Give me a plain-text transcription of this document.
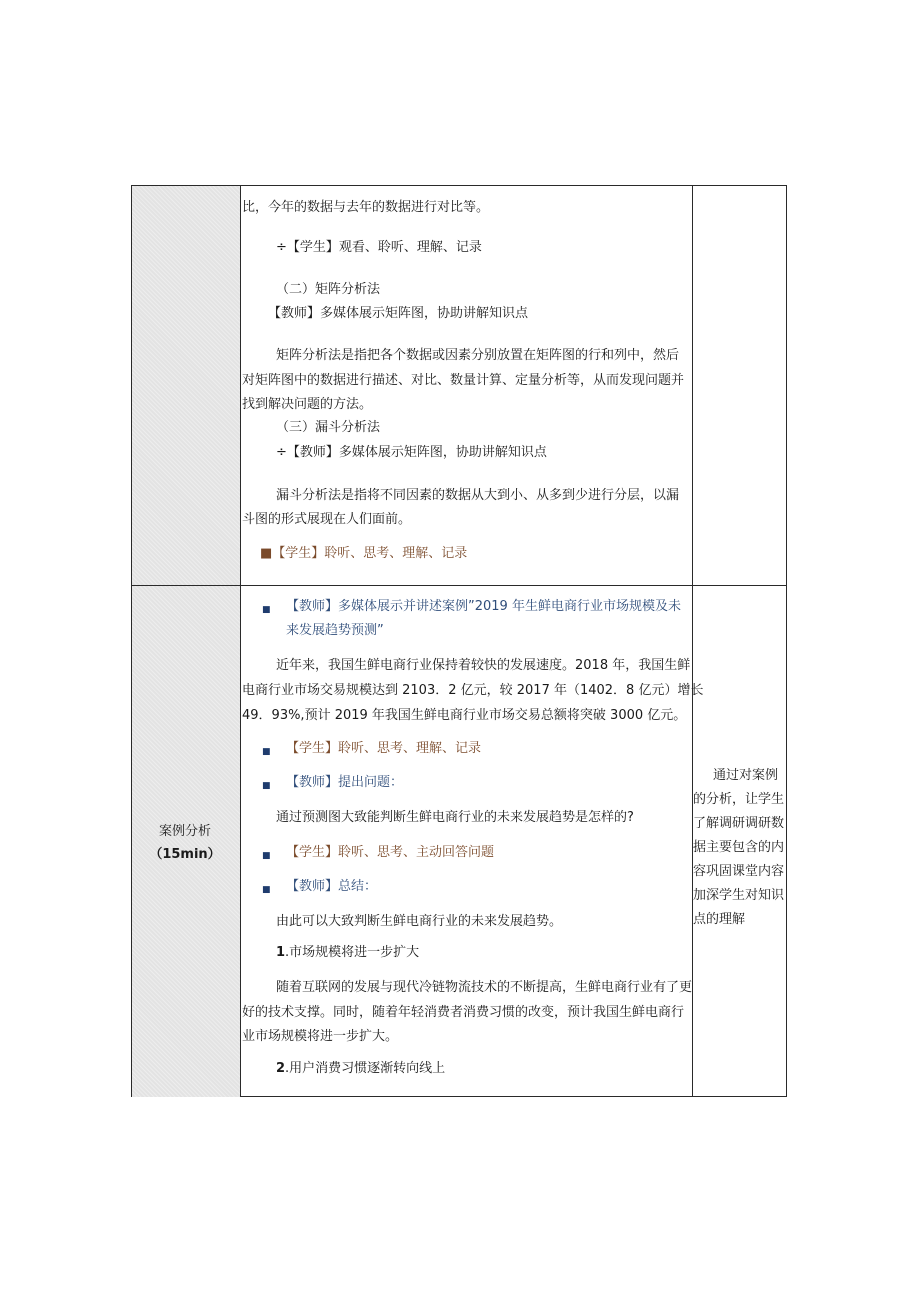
比，今年的数据与去年的数据进行对比等。
÷【学生】观看、聆听、理解、记录
（二）矩阵分析法
【教师】多媒体展示矩阵图，协助讲解知识点
矩阵分析法是指把各个数据或因素分别放置在矩阵图的行和列中，然后
对矩阵图中的数据进行描述、对比、数量计算、定量分析等，从而发现问题并
找到解决问题的方法。
（三）漏斗分析法
÷【教师】多媒体展示矩阵图，协助讲解知识点
漏斗分析法是指将不同因素的数据从大到小、从多到少进行分层，以漏
斗图的形式展现在人们面前。
■【学生】聆听、思考、理解、记录
案例分析
（15min）
■ 【教师】多媒体展示并讲述案例”2019 年生鲜电商行业市场规模及未
来发展趋势预测”
近年来，我国生鲜电商行业保持着较快的发展速度。2018 年，我国生鲜
电商行业市场交易规模达到 2103．2 亿元，较 2017 年（1402．8 亿元）增长
49．93%,预计 2019 年我国生鲜电商行业市场交易总额将突破 3000 亿元。
■ 【学生】聆听、思考、理解、记录
■ 【教师】提出问题：
通过预测图大致能判断生鲜电商行业的未来发展趋势是怎样的?
■ 【学生】聆听、思考、主动回答问题
■ 【教师】总结：
由此可以大致判断生鲜电商行业的未来发展趋势。
1.市场规模将进一步扩大
随着互联网的发展与现代冷链物流技术的不断提高，生鲜电商行业有了更
好的技术支撑。同时，随着年轻消费者消费习惯的改变，预计我国生鲜电商行
业市场规模将进一步扩大。
2.用户消费习惯逐渐转向线上
通过对案例
的分析，让学生
了解调研调研数
据主要包含的内
容巩固课堂内容
加深学生对知识
点的理解
